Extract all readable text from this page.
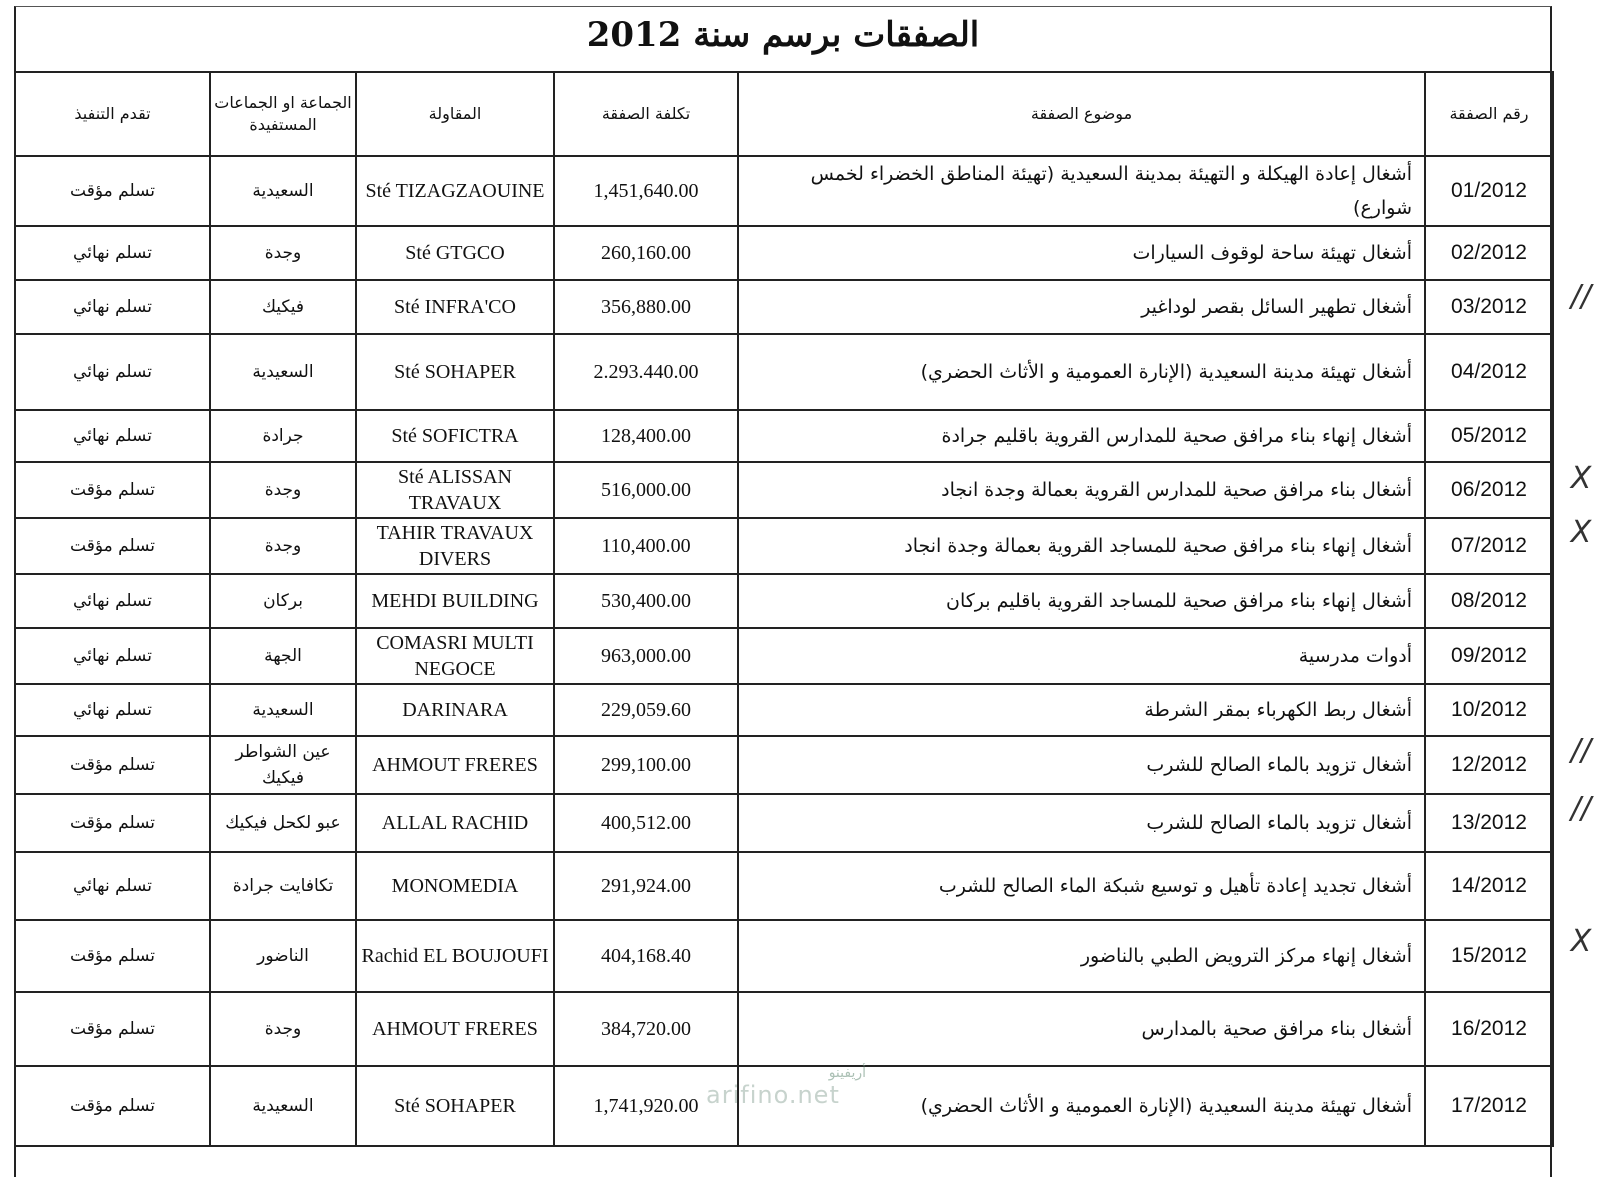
الصفقات برسم سنة 2012
رقم الصفقة	موضوع الصفقة	تكلفة الصفقة	المقاولة	الجماعة او الجماعات المستفيدة	تقدم التنفيذ
01/2012	أشغال إعادة الهيكلة و التهيئة بمدينة السعيدية (تهيئة المناطق الخضراء لخمس شوارع)	1,451,640.00	Sté TIZAGZAOUINE	السعيدية	تسلم مؤقت
02/2012	أشغال تهيئة ساحة لوقوف السيارات	260,160.00	Sté GTGCO	وجدة	تسلم نهائي
03/2012	أشغال تطهير السائل بقصر لوداغير	356,880.00	Sté INFRA'CO	فيكيك	تسلم نهائي
04/2012	أشغال تهيئة مدينة السعيدية (الإنارة العمومية و الأثاث الحضري)	2.293.440.00	Sté SOHAPER	السعيدية	تسلم نهائي
05/2012	أشغال إنهاء بناء مرافق صحية للمدارس القروية باقليم جرادة	128,400.00	Sté SOFICTRA	جرادة	تسلم نهائي
06/2012	أشغال بناء مرافق صحية للمدارس القروية بعمالة وجدة انجاد	516,000.00	Sté ALISSAN TRAVAUX	وجدة	تسلم مؤقت
07/2012	أشغال إنهاء بناء مرافق صحية للمساجد القروية بعمالة وجدة انجاد	110,400.00	TAHIR TRAVAUX DIVERS	وجدة	تسلم مؤقت
08/2012	أشغال إنهاء بناء مرافق صحية للمساجد القروية باقليم بركان	530,400.00	MEHDI BUILDING	بركان	تسلم نهائي
09/2012	أدوات مدرسية	963,000.00	COMASRI MULTI NEGOCE	الجهة	تسلم نهائي
10/2012	أشغال ربط الكهرباء بمقر الشرطة	229,059.60	DARINARA	السعيدية	تسلم نهائي
12/2012	أشغال تزويد بالماء الصالح للشرب	299,100.00	AHMOUT FRERES	عين الشواطر فيكيك	تسلم مؤقت
13/2012	أشغال تزويد بالماء الصالح للشرب	400,512.00	ALLAL RACHID	عبو لكحل فيكيك	تسلم مؤقت
14/2012	أشغال تجديد إعادة تأهيل و توسيع شبكة الماء الصالح للشرب	291,924.00	MONOMEDIA	تكافايت جرادة	تسلم نهائي
15/2012	أشغال إنهاء مركز الترويض الطبي بالناضور	404,168.40	Rachid EL BOUJOUFI	الناضور	تسلم مؤقت
16/2012	أشغال بناء مرافق صحية بالمدارس	384,720.00	AHMOUT FRERES	وجدة	تسلم مؤقت
17/2012	أشغال تهيئة مدينة السعيدية (الإنارة العمومية و الأثاث الحضري)	1,741,920.00	Sté SOHAPER	السعيدية	تسلم مؤقت
//
X
X
//
//
X
أريفينو
arifino.net
